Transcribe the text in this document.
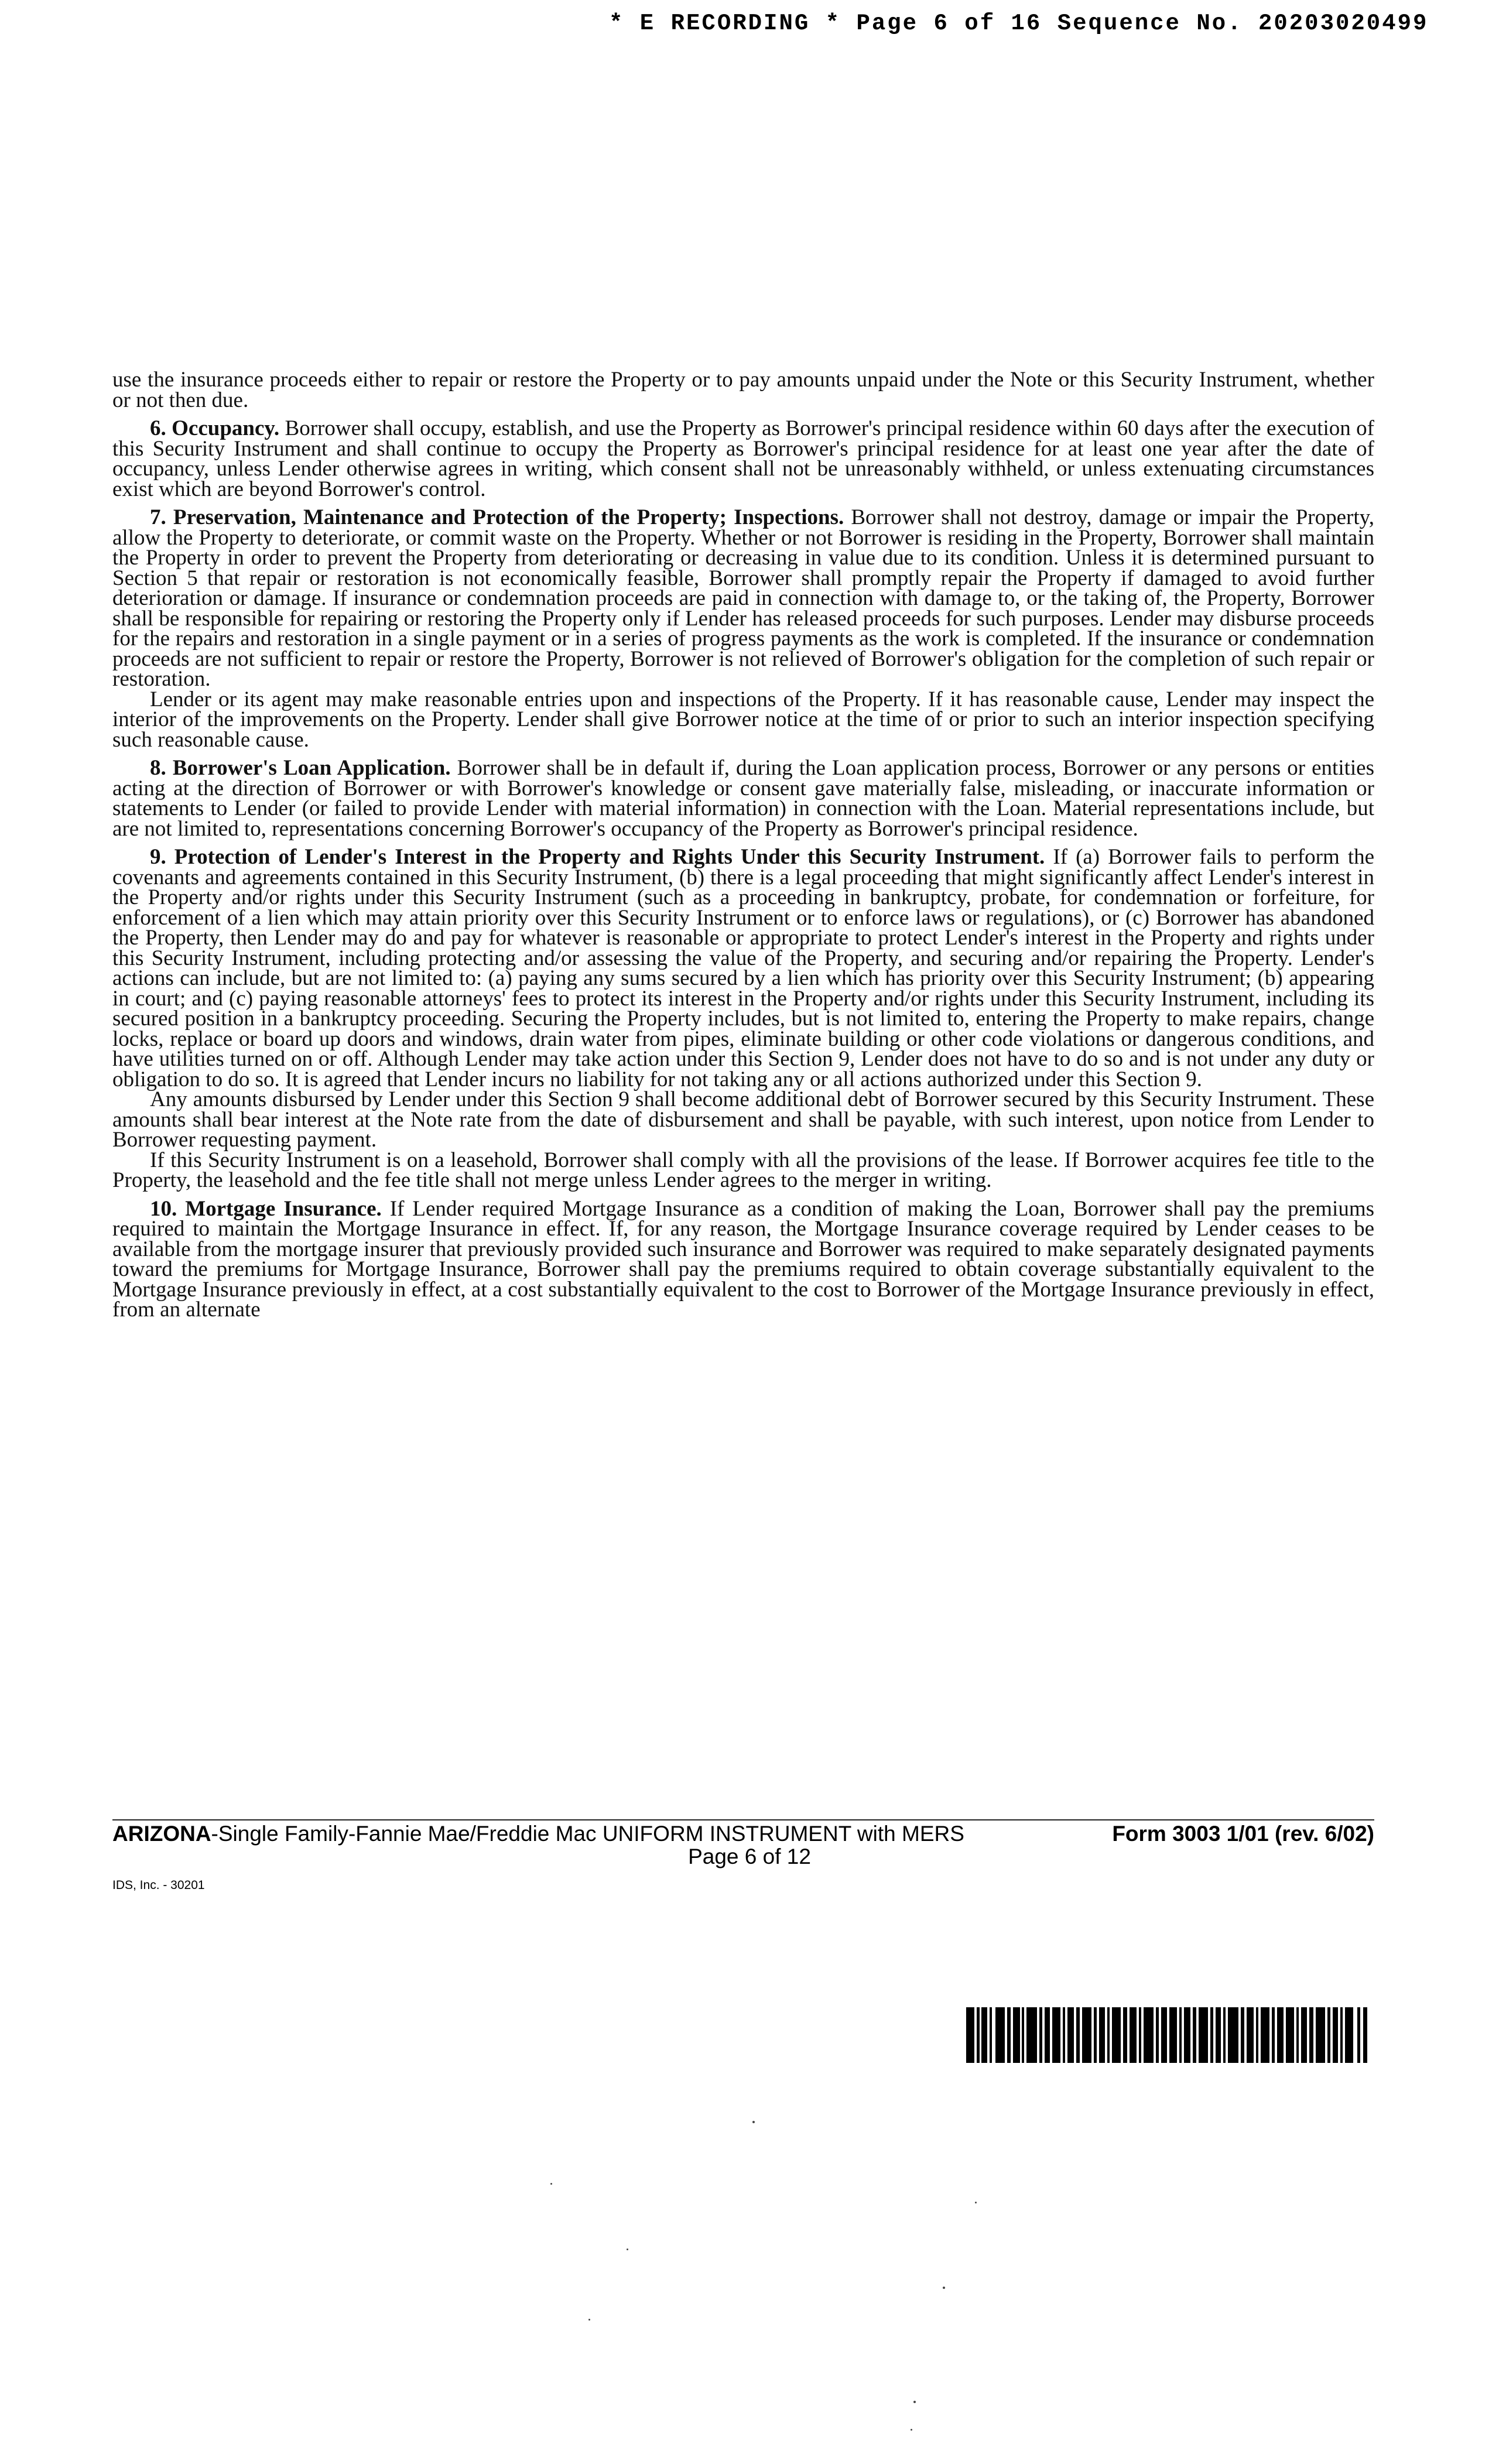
* E RECORDING * Page 6 of 16 Sequence No. 20203020499

use the insurance proceeds either to repair or restore the Property or to pay amounts unpaid under the Note or this Security Instrument, whether or not then due.

6. Occupancy. Borrower shall occupy, establish, and use the Property as Borrower's principal residence within 60 days after the execution of this Security Instrument and shall continue to occupy the Property as Borrower's principal residence for at least one year after the date of occupancy, unless Lender otherwise agrees in writing, which consent shall not be unreasonably withheld, or unless extenuating circumstances exist which are beyond Borrower's control.

7. Preservation, Maintenance and Protection of the Property; Inspections. Borrower shall not destroy, damage or impair the Property, allow the Property to deteriorate, or commit waste on the Property. Whether or not Borrower is residing in the Property, Borrower shall maintain the Property in order to prevent the Property from deteriorating or decreasing in value due to its condition. Unless it is determined pursuant to Section 5 that repair or restoration is not economically feasible, Borrower shall promptly repair the Property if damaged to avoid further deterioration or damage. If insurance or condemnation proceeds are paid in connection with damage to, or the taking of, the Property, Borrower shall be responsible for repairing or restoring the Property only if Lender has released proceeds for such purposes. Lender may disburse proceeds for the repairs and restoration in a single payment or in a series of progress payments as the work is completed. If the insurance or condemnation proceeds are not sufficient to repair or restore the Property, Borrower is not relieved of Borrower's obligation for the completion of such repair or restoration.

Lender or its agent may make reasonable entries upon and inspections of the Property. If it has reasonable cause, Lender may inspect the interior of the improvements on the Property. Lender shall give Borrower notice at the time of or prior to such an interior inspection specifying such reasonable cause.

8. Borrower's Loan Application. Borrower shall be in default if, during the Loan application process, Borrower or any persons or entities acting at the direction of Borrower or with Borrower's knowledge or consent gave materially false, misleading, or inaccurate information or statements to Lender (or failed to provide Lender with material information) in connection with the Loan. Material representations include, but are not limited to, representations concerning Borrower's occupancy of the Property as Borrower's principal residence.

9. Protection of Lender's Interest in the Property and Rights Under this Security Instrument. If (a) Borrower fails to perform the covenants and agreements contained in this Security Instrument, (b) there is a legal proceeding that might significantly affect Lender's interest in the Property and/or rights under this Security Instrument (such as a proceeding in bankruptcy, probate, for condemnation or forfeiture, for enforcement of a lien which may attain priority over this Security Instrument or to enforce laws or regulations), or (c) Borrower has abandoned the Property, then Lender may do and pay for whatever is reasonable or appropriate to protect Lender's interest in the Property and rights under this Security Instrument, including protecting and/or assessing the value of the Property, and securing and/or repairing the Property. Lender's actions can include, but are not limited to: (a) paying any sums secured by a lien which has priority over this Security Instrument; (b) appearing in court; and (c) paying reasonable attorneys' fees to protect its interest in the Property and/or rights under this Security Instrument, including its secured position in a bankruptcy proceeding. Securing the Property includes, but is not limited to, entering the Property to make repairs, change locks, replace or board up doors and windows, drain water from pipes, eliminate building or other code violations or dangerous conditions, and have utilities turned on or off. Although Lender may take action under this Section 9, Lender does not have to do so and is not under any duty or obligation to do so. It is agreed that Lender incurs no liability for not taking any or all actions authorized under this Section 9.

Any amounts disbursed by Lender under this Section 9 shall become additional debt of Borrower secured by this Security Instrument. These amounts shall bear interest at the Note rate from the date of disbursement and shall be payable, with such interest, upon notice from Lender to Borrower requesting payment.

If this Security Instrument is on a leasehold, Borrower shall comply with all the provisions of the lease. If Borrower acquires fee title to the Property, the leasehold and the fee title shall not merge unless Lender agrees to the merger in writing.

10. Mortgage Insurance. If Lender required Mortgage Insurance as a condition of making the Loan, Borrower shall pay the premiums required to maintain the Mortgage Insurance in effect. If, for any reason, the Mortgage Insurance coverage required by Lender ceases to be available from the mortgage insurer that previously provided such insurance and Borrower was required to make separately designated payments toward the premiums for Mortgage Insurance, Borrower shall pay the premiums required to obtain coverage substantially equivalent to the Mortgage Insurance previously in effect, at a cost substantially equivalent to the cost to Borrower of the Mortgage Insurance previously in effect, from an alternate

ARIZONA-Single Family-Fannie Mae/Freddie Mac UNIFORM INSTRUMENT with MERS	Form 3003 1/01 (rev. 6/02)
Page 6 of 12
IDS, Inc. - 30201
